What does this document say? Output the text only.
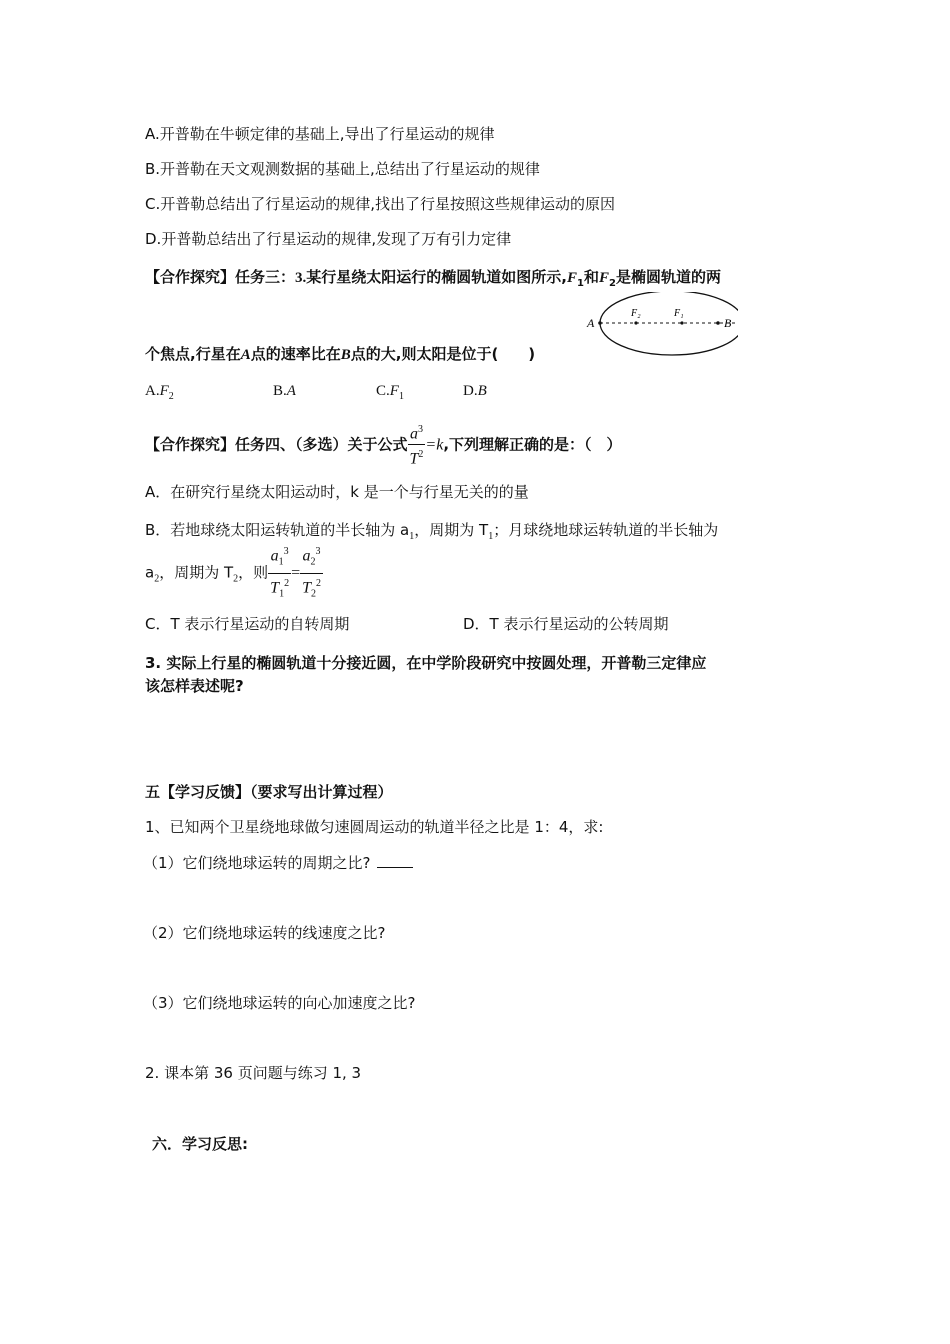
A.开普勒在牛顿定律的基础上,导出了行星运动的规律
B.开普勒在天文观测数据的基础上,总结出了行星运动的规律
C.开普勒总结出了行星运动的规律,找出了行星按照这些规律运动的原因
D.开普勒总结出了行星运动的规律,发现了万有引力定律
【合作探究】任务三：3.某行星绕太阳运行的椭圆轨道如图所示$,F_1$和$F_2$是椭圆轨道的两
A	B
F₂	F₁
个焦点,行星在A点的速率比在B点的大,则太阳是位于(　　)
$A.F_2$	B.A	$C.F_1$	D.B
【合作探究】任务四、（多选）关于公式 $\frac{a^3}{T^2} =k$,下列理解正确的是：（　）
A．在研究行星绕太阳运动时，k 是一个与行星无关的的量
B．若地球绕太阳运转轨道的半长轴为 $a_1$，周期为 $T_1$；月球绕地球运转轨道的半长轴为
$a_2$，周期为 $T_2$，则 $\frac{a_1^3}{T_1^2} = \frac{a_2^3}{T_2^2}$
C．T 表示行星运动的自转周期	D．T 表示行星运动的公转周期
3. 实际上行星的椭圆轨道十分接近圆，在中学阶段研究中按圆处理，开普勒三定律应
该怎样表述呢?
五【学习反馈】（要求写出计算过程）
1、已知两个卫星绕地球做匀速圆周运动的轨道半径之比是 1：4，求:
（1）它们绕地球运转的周期之比?
（2）它们绕地球运转的线速度之比?
（3）它们绕地球运转的向心加速度之比?
2. 课本第 36 页问题与练习 1, 3
六．学习反思:
